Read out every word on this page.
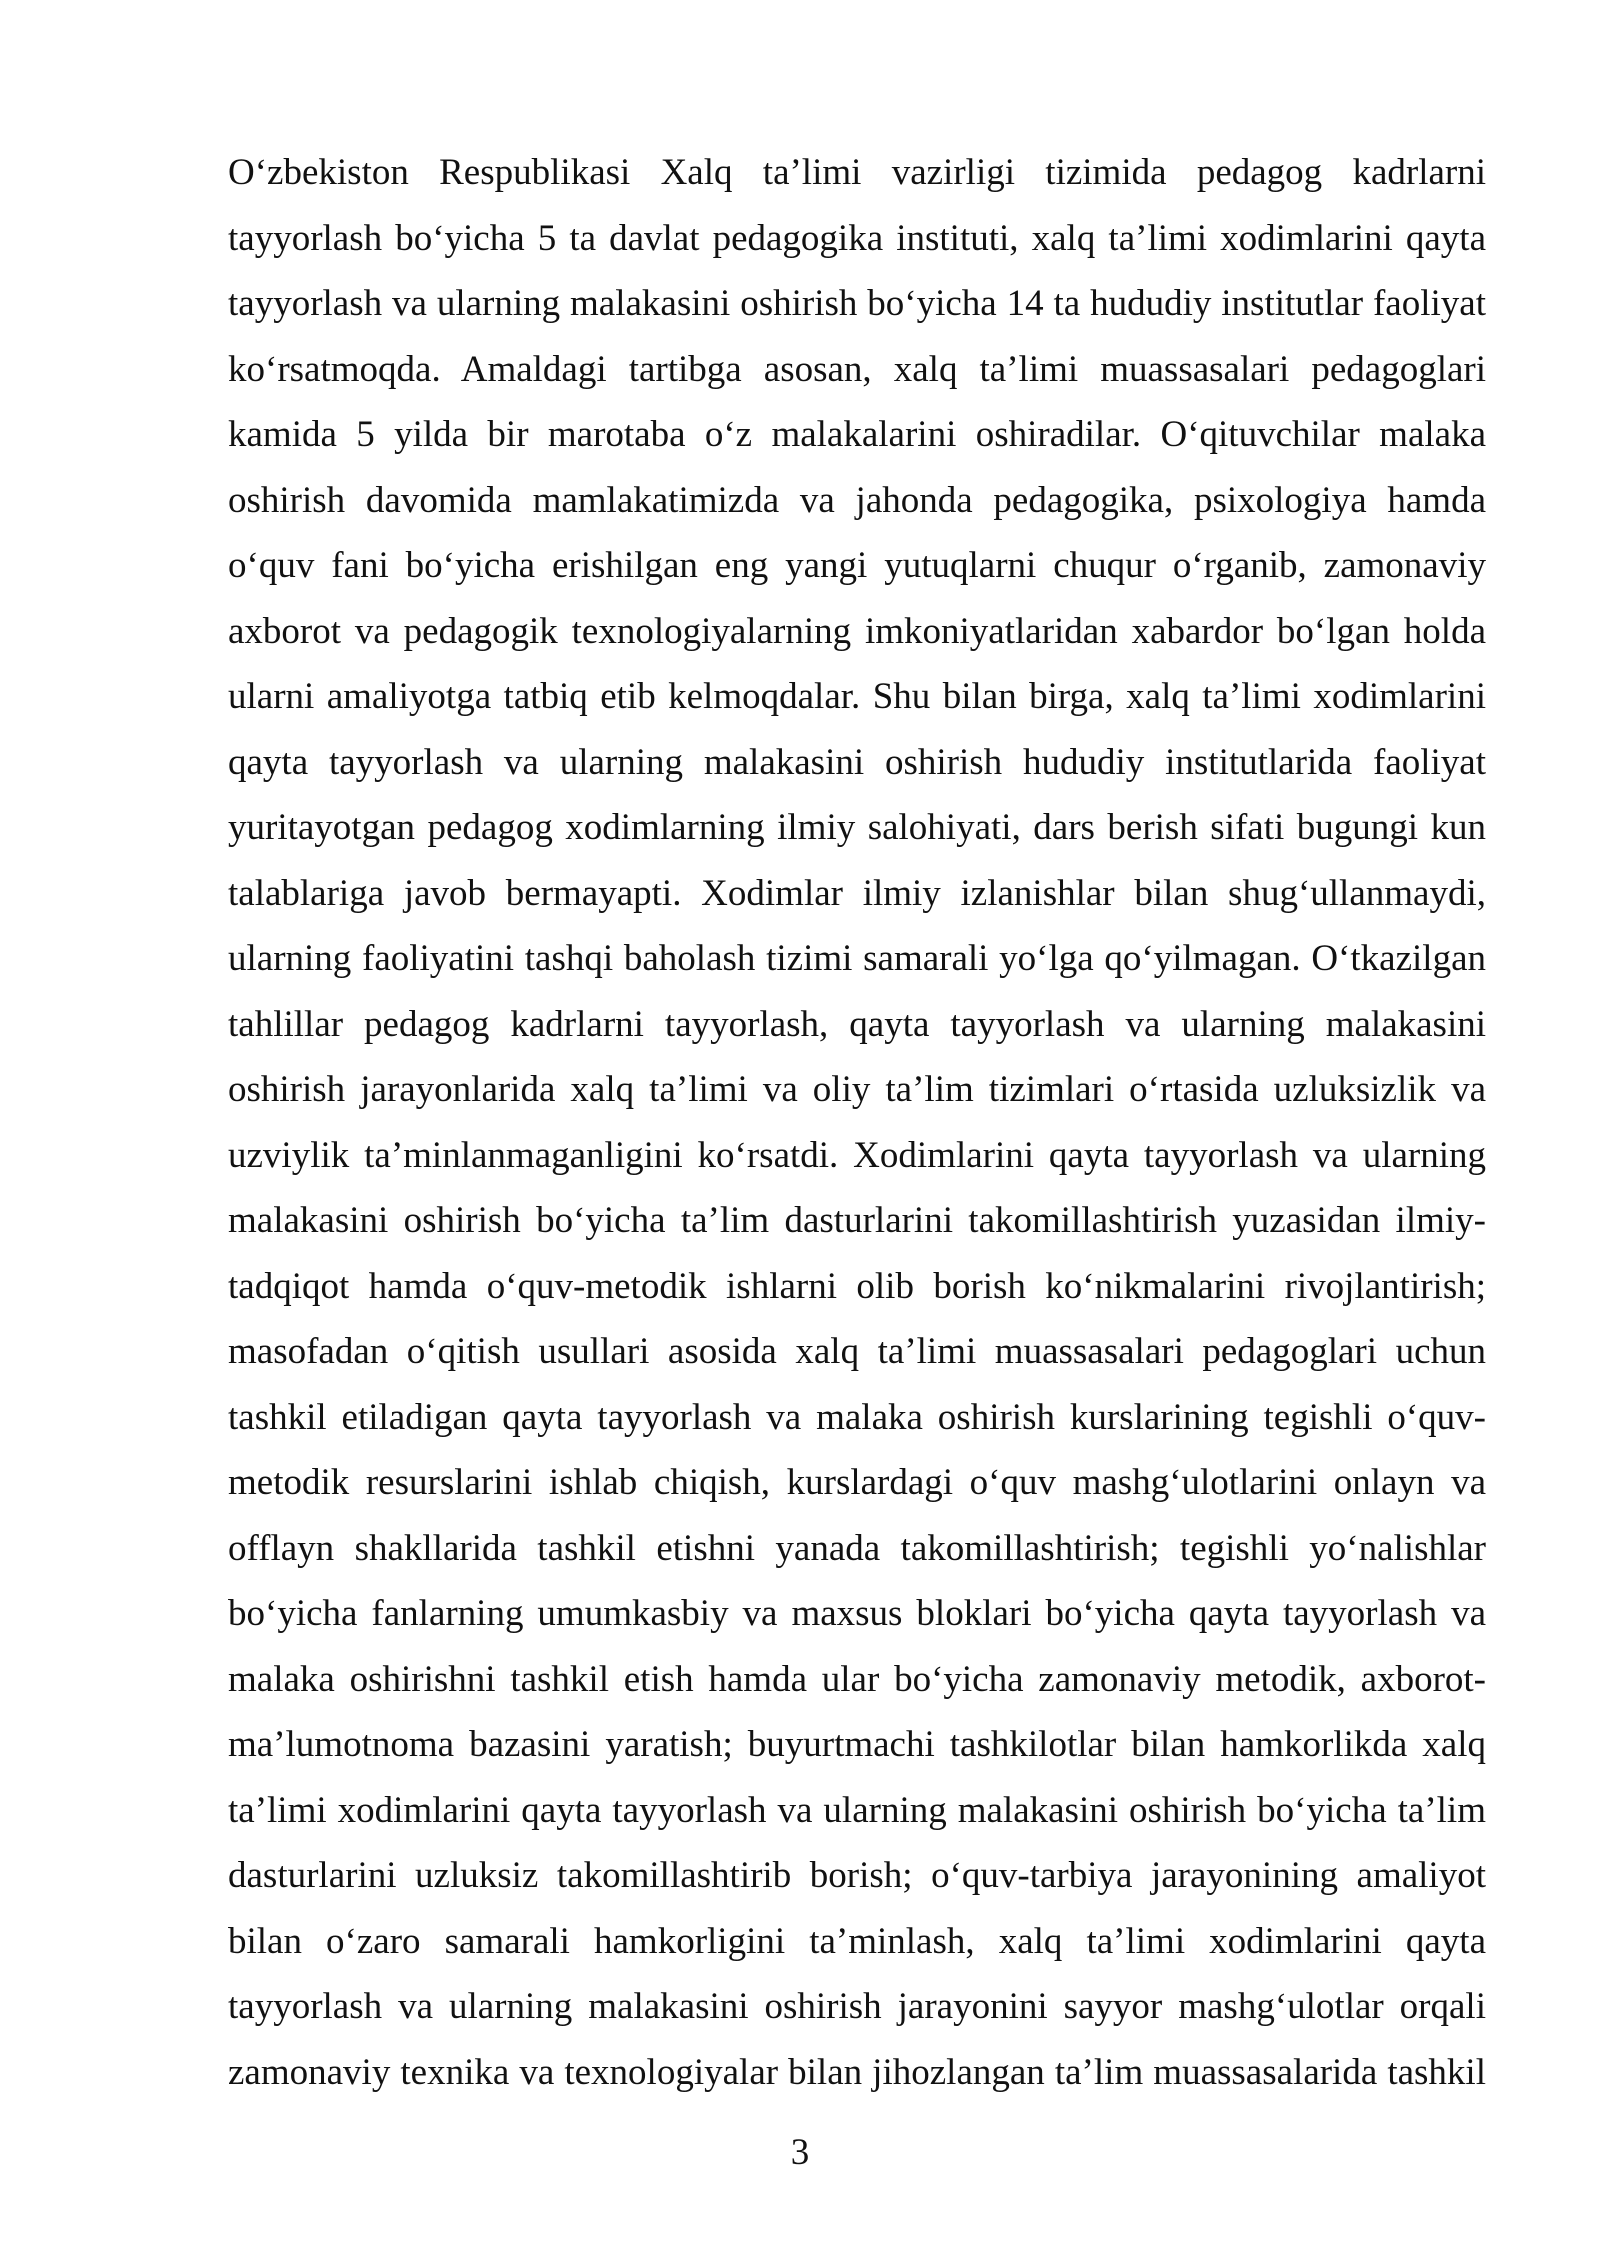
O‘zbekiston Respublikasi Xalq ta’limi vazirligi tizimida pedagog kadrlarni
tayyorlash bo‘yicha 5 ta davlat pedagogika instituti, xalq ta’limi xodimlarini qayta
tayyorlash va ularning malakasini oshirish bo‘yicha 14 ta hududiy institutlar faoliyat
ko‘rsatmoqda. Amaldagi tartibga asosan, xalq ta’limi muassasalari pedagoglari
kamida 5 yilda bir marotaba o‘z malakalarini oshiradilar. O‘qituvchilar malaka
oshirish davomida mamlakatimizda va jahonda pedagogika, psixologiya hamda
o‘quv fani bo‘yicha erishilgan eng yangi yutuqlarni chuqur o‘rganib, zamonaviy
axborot va pedagogik texnologiyalarning imkoniyatlaridan xabardor bo‘lgan holda
ularni amaliyotga tatbiq etib kelmoqdalar. Shu bilan birga, xalq ta’limi xodimlarini
qayta tayyorlash va ularning malakasini oshirish hududiy institutlarida faoliyat
yuritayotgan pedagog xodimlarning ilmiy salohiyati, dars berish sifati bugungi kun
talablariga javob bermayapti. Xodimlar ilmiy izlanishlar bilan shug‘ullanmaydi,
ularning faoliyatini tashqi baholash tizimi samarali yo‘lga qo‘yilmagan. O‘tkazilgan
tahlillar pedagog kadrlarni tayyorlash, qayta tayyorlash va ularning malakasini
oshirish jarayonlarida xalq ta’limi va oliy ta’lim tizimlari o‘rtasida uzluksizlik va
uzviylik ta’minlanmaganligini ko‘rsatdi. Xodimlarini qayta tayyorlash va ularning
malakasini oshirish bo‘yicha ta’lim dasturlarini takomillashtirish yuzasidan ilmiy-
tadqiqot hamda o‘quv-metodik ishlarni olib borish ko‘nikmalarini rivojlantirish;
masofadan o‘qitish usullari asosida xalq ta’limi muassasalari pedagoglari uchun
tashkil etiladigan qayta tayyorlash va malaka oshirish kurslarining tegishli o‘quv-
metodik resurslarini ishlab chiqish, kurslardagi o‘quv mashg‘ulotlarini onlayn va
offlayn shakllarida tashkil etishni yanada takomillashtirish; tegishli yo‘nalishlar
bo‘yicha fanlarning umumkasbiy va maxsus bloklari bo‘yicha qayta tayyorlash va
malaka oshirishni tashkil etish hamda ular bo‘yicha zamonaviy metodik, axborot-
ma’lumotnoma bazasini yaratish; buyurtmachi tashkilotlar bilan hamkorlikda xalq
ta’limi xodimlarini qayta tayyorlash va ularning malakasini oshirish bo‘yicha ta’lim
dasturlarini uzluksiz takomillashtirib borish; o‘quv-tarbiya jarayonining amaliyot
bilan o‘zaro samarali hamkorligini ta’minlash, xalq ta’limi xodimlarini qayta
tayyorlash va ularning malakasini oshirish jarayonini sayyor mashg‘ulotlar orqali
zamonaviy texnika va texnologiyalar bilan jihozlangan ta’lim muassasalarida tashkil
3
